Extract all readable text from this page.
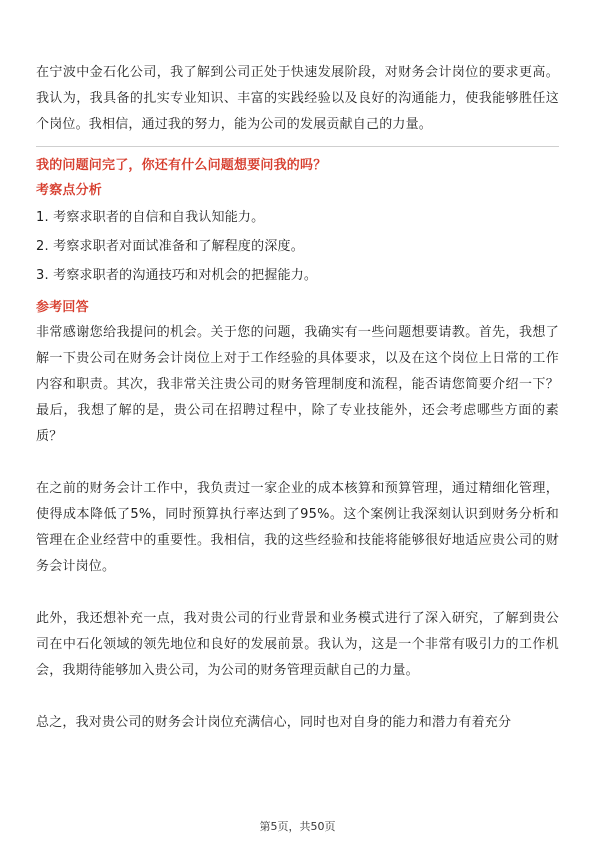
在宁波中金石化公司，我了解到公司正处于快速发展阶段，对财务会计岗位的要求更高。我认为，我具备的扎实专业知识、丰富的实践经验以及良好的沟通能力，使我能够胜任这个岗位。我相信，通过我的努力，能为公司的发展贡献自己的力量。

我的问题问完了，你还有什么问题想要问我的吗？

考察点分析

1. 考察求职者的自信和自我认知能力。

2. 考察求职者对面试准备和了解程度的深度。

3. 考察求职者的沟通技巧和对机会的把握能力。

参考回答

非常感谢您给我提问的机会。关于您的问题，我确实有一些问题想要请教。首先，我想了解一下贵公司在财务会计岗位上对于工作经验的具体要求，以及在这个岗位上日常的工作内容和职责。其次，我非常关注贵公司的财务管理制度和流程，能否请您简要介绍一下？最后，我想了解的是，贵公司在招聘过程中，除了专业技能外，还会考虑哪些方面的素质？

在之前的财务会计工作中，我负责过一家企业的成本核算和预算管理，通过精细化管理，使得成本降低了5%，同时预算执行率达到了95%。这个案例让我深刻认识到财务分析和管理在企业经营中的重要性。我相信，我的这些经验和技能将能够很好地适应贵公司的财务会计岗位。

此外，我还想补充一点，我对贵公司的行业背景和业务模式进行了深入研究，了解到贵公司在中石化领域的领先地位和良好的发展前景。我认为，这是一个非常有吸引力的工作机会，我期待能够加入贵公司，为公司的财务管理贡献自己的力量。

总之，我对贵公司的财务会计岗位充满信心，同时也对自身的能力和潜力有着充分

第5页，共50页
